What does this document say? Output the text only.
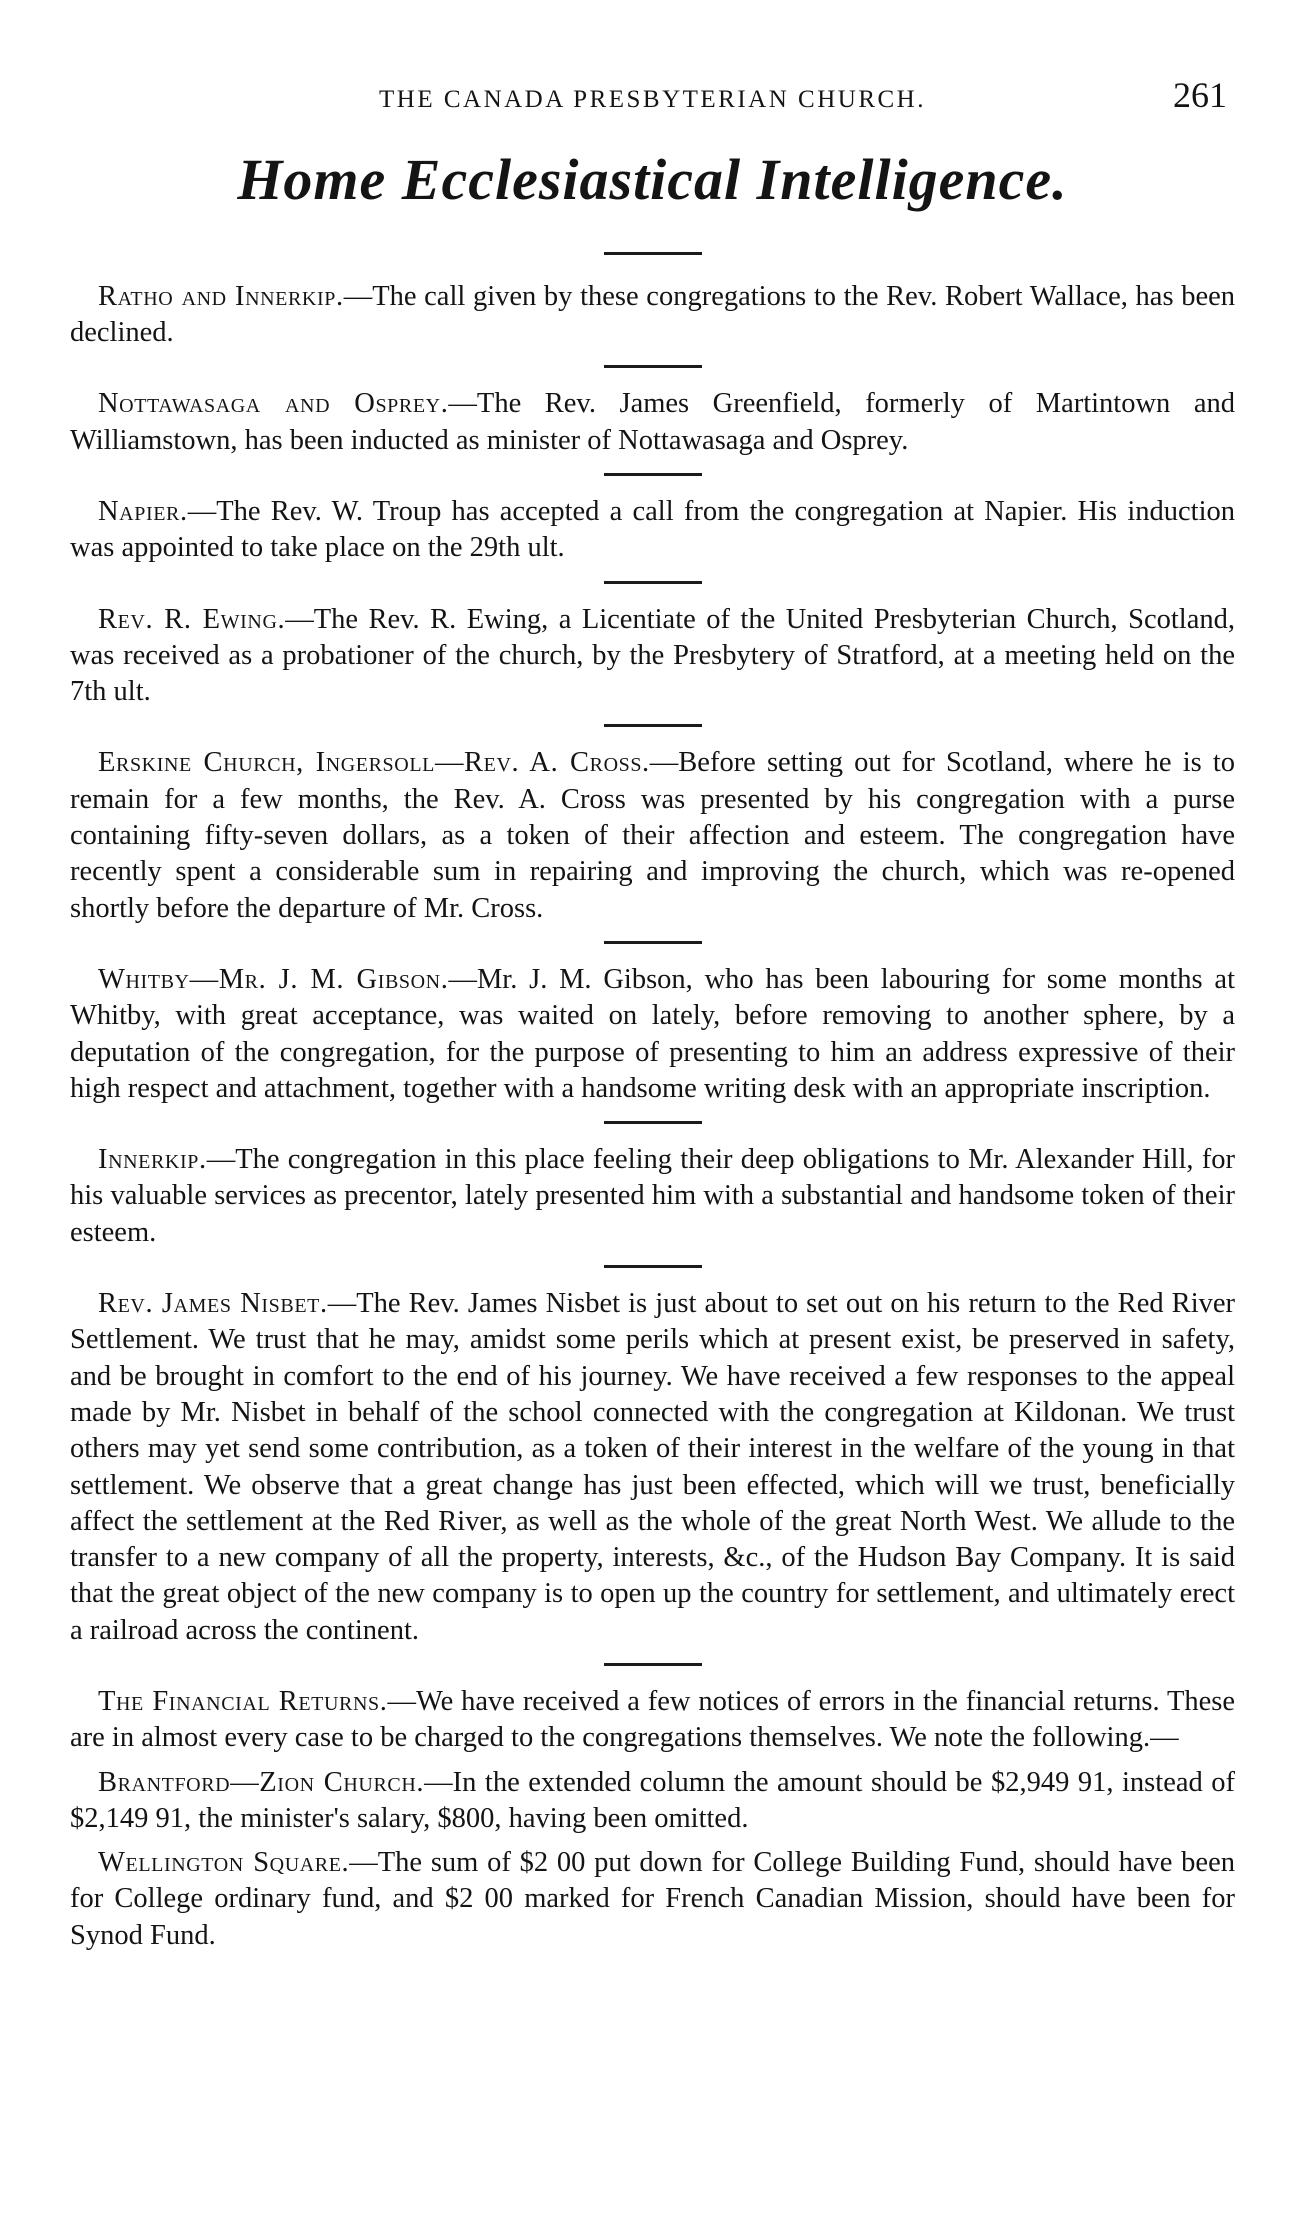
THE CANADA PRESBYTERIAN CHURCH.	261
Home Ecclesiastical Intelligence.

Ratho and Innerkip.—The call given by these congregations to the Rev. Robert Wallace, has been declined.

Nottawasaga and Osprey.—The Rev. James Greenfield, formerly of Martintown and Williamstown, has been inducted as minister of Nottawasaga and Osprey.

Napier.—The Rev. W. Troup has accepted a call from the congregation at Napier. His induction was appointed to take place on the 29th ult.

Rev. R. Ewing.—The Rev. R. Ewing, a Licentiate of the United Presbyterian Church, Scotland, was received as a probationer of the church, by the Presbytery of Stratford, at a meeting held on the 7th ult.

Erskine Church, Ingersoll—Rev. A. Cross.—Before setting out for Scotland, where he is to remain for a few months, the Rev. A. Cross was presented by his congregation with a purse containing fifty-seven dollars, as a token of their affection and esteem. The congregation have recently spent a considerable sum in repairing and improving the church, which was re-opened shortly before the departure of Mr. Cross.

Whitby—Mr. J. M. Gibson.—Mr. J. M. Gibson, who has been labouring for some months at Whitby, with great acceptance, was waited on lately, before removing to another sphere, by a deputation of the congregation, for the purpose of presenting to him an address expressive of their high respect and attachment, together with a handsome writing desk with an appropriate inscription.

Innerkip.—The congregation in this place feeling their deep obligations to Mr. Alexander Hill, for his valuable services as precentor, lately presented him with a substantial and handsome token of their esteem.

Rev. James Nisbet.—The Rev. James Nisbet is just about to set out on his return to the Red River Settlement. We trust that he may, amidst some perils which at present exist, be preserved in safety, and be brought in comfort to the end of his journey. We have received a few responses to the appeal made by Mr. Nisbet in behalf of the school connected with the congregation at Kildonan. We trust others may yet send some contribution, as a token of their interest in the welfare of the young in that settlement. We observe that a great change has just been effected, which will we trust, beneficially affect the settlement at the Red River, as well as the whole of the great North West. We allude to the transfer to a new company of all the property, interests, &c., of the Hudson Bay Company. It is said that the great object of the new company is to open up the country for settlement, and ultimately erect a railroad across the continent.

The Financial Returns.—We have received a few notices of errors in the financial returns. These are in almost every case to be charged to the congregations themselves. We note the following.—

Brantford—Zion Church.—In the extended column the amount should be $2,949 91, instead of $2,149 91, the minister's salary, $800, having been omitted.

Wellington Square.—The sum of $2 00 put down for College Building Fund, should have been for College ordinary fund, and $2 00 marked for French Canadian Mission, should have been for Synod Fund.
